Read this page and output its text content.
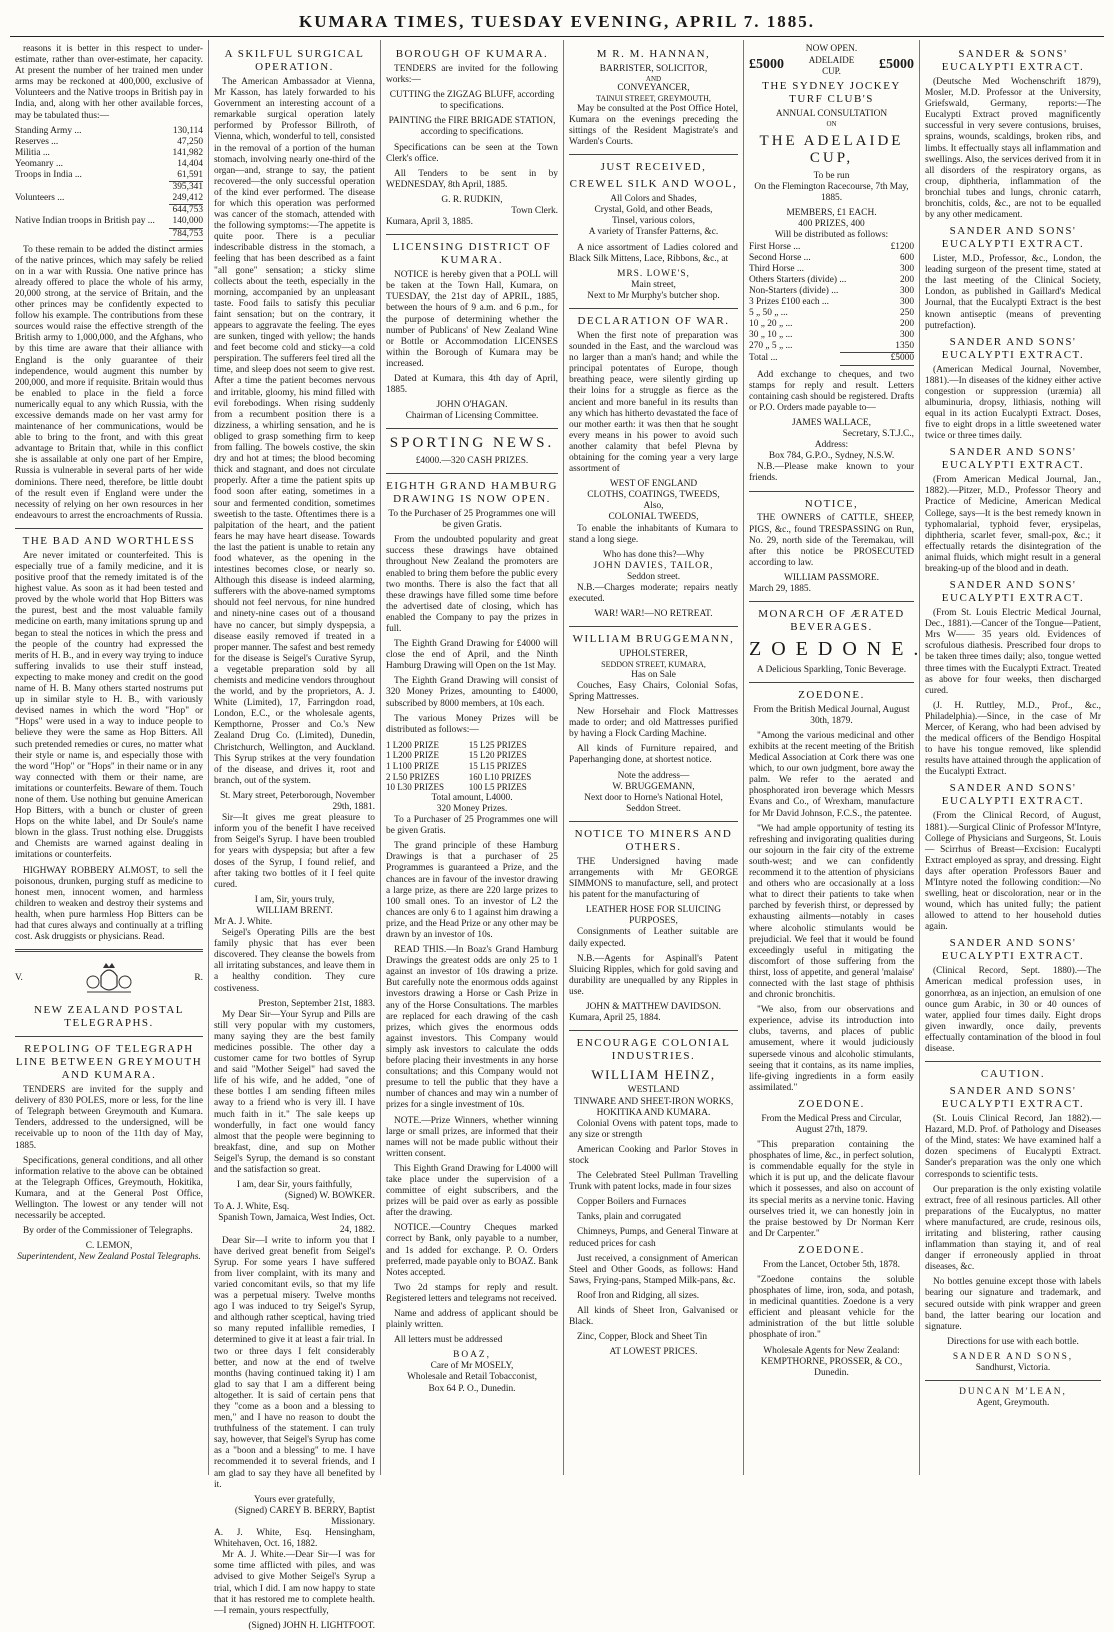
KUMARA TIMES, TUESDAY EVENING, APRIL 7. 1885.

reasons it is better in this respect to under-estimate, rather than over-estimate, her capacity. At present the number of her trained men under arms may be reckoned at 400,000, exclusive of Volunteers and the Native troops in British pay in India, and, along with her other available forces, may be tabulated thus:—

Standing Army ...	130,114
Reserves ...	47,250
Militia ...	141,982
Yeomanry ...	14,404
Troops in India ...	61,591
	395,341
Volunteers ...	249,412
	644,753
Native Indian troops in British pay ...	140,000
	784,753

To these remain to be added the distinct armies of the native princes, which may safely be relied on in a war with Russia. One native prince has already offered to place the whole of his army, 20,000 strong, at the service of Britain, and the other princes may be confidently expected to follow his example. The contributions from these sources would raise the effective strength of the British army to 1,000,000, and the Afghans, who by this time are aware that their alliance with England is the only guarantee of their independence, would augment this number by 200,000, and more if requisite. Britain would thus be enabled to place in the field a force numerically equal to any which Russia, with the excessive demands made on her vast army for maintenance of her communications, would be able to bring to the front, and with this great advantage to Britain that, while in this conflict she is assailable at only one part of her Empire, Russia is vulnerable in several parts of her wide dominions. There need, therefore, be little doubt of the result even if England were under the necessity of relying on her own resources in her endeavours to arrest the encroachments of Russia.

THE BAD AND WORTHLESS

Are never imitated or counterfeited. This is especially true of a family medicine, and it is positive proof that the remedy imitated is of the highest value. As soon as it had been tested and proved by the whole world that Hop Bitters was the purest, best and the most valuable family medicine on earth, many imitations sprung up and began to steal the notices in which the press and the people of the country had expressed the merits of H. B., and in every way trying to induce suffering invalids to use their stuff instead, expecting to make money and credit on the good name of H. B. Many others started nostrums put up in similar style to H. B., with variously devised names in which the word "Hop" or "Hops" were used in a way to induce people to believe they were the same as Hop Bitters. All such pretended remedies or cures, no matter what their style or name is, and especially those with the word "Hop" or "Hops" in their name or in any way connected with them or their name, are imitations or counterfeits. Beware of them. Touch none of them. Use nothing but genuine American Hop Bitters, with a bunch or cluster of green Hops on the white label, and Dr Soule's name blown in the glass. Trust nothing else. Druggists and Chemists are warned against dealing in imitations or counterfeits.

HIGHWAY ROBBERY ALMOST, to sell the poisonous, drunken, purging stuff as medicine to honest men, innocent women, and harmless children to weaken and destroy their systems and health, when pure harmless Hop Bitters can be had that cures always and continually at a trifling cost. Ask druggists or physicians. Read.

V.	R.
NEW ZEALAND POSTAL TELEGRAPHS.
REPOLING OF TELEGRAPH LINE BETWEEN GREYMOUTH AND KUMARA.

TENDERS are invited for the supply and delivery of 830 POLES, more or less, for the line of Telegraph between Greymouth and Kumara. Tenders, addressed to the undersigned, will be receivable up to noon of the 11th day of May, 1885.

Specifications, general conditions, and all other information relative to the above can be obtained at the Telegraph Offices, Greymouth, Hokitika, Kumara, and at the General Post Office, Wellington. The lowest or any tender will not necessarily be accepted.

By order of the Commissioner of Telegraphs.

C. LEMON,
Superintendent, New Zealand Postal Telegraphs.
A SKILFUL SURGICAL OPERATION.

The American Ambassador at Vienna, Mr Kasson, has lately forwarded to his Government an interesting account of a remarkable surgical operation lately performed by Professor Billroth, of Vienna, which, wonderful to tell, consisted in the removal of a portion of the human stomach, involving nearly one-third of the organ—and, strange to say, the patient recovered—the only successful operation of the kind ever performed. The disease for which this operation was performed was cancer of the stomach, attended with the following symptoms:—The appetite is quite poor. There is a peculiar indescribable distress in the stomach, a feeling that has been described as a faint "all gone" sensation; a sticky slime collects about the teeth, especially in the morning, accompanied by an unpleasant taste. Food fails to satisfy this peculiar faint sensation; but on the contrary, it appears to aggravate the feeling. The eyes are sunken, tinged with yellow; the hands and feet become cold and sticky—a cold perspiration. The sufferers feel tired all the time, and sleep does not seem to give rest. After a time the patient becomes nervous and irritable, gloomy, his mind filled with evil forebodings. When rising suddenly from a recumbent position there is a dizziness, a whirling sensation, and he is obliged to grasp something firm to keep from falling. The bowels costive, the skin dry and hot at times; the blood becoming thick and stagnant, and does not circulate properly. After a time the patient spits up food soon after eating, sometimes in a sour and fermented condition, sometimes sweetish to the taste. Oftentimes there is a palpitation of the heart, and the patient fears he may have heart disease. Towards the last the patient is unable to retain any food whatever, as the opening in the intestines becomes close, or nearly so. Although this disease is indeed alarming, sufferers with the above-named symptoms should not feel nervous, for nine hundred and ninety-nine cases out of a thousand have no cancer, but simply dyspepsia, a disease easily removed if treated in a proper manner. The safest and best remedy for the disease is Seigel's Curative Syrup, a vegetable preparation sold by all chemists and medicine vendors throughout the world, and by the proprietors, A. J. White (Limited), 17, Farringdon road, London, E.C., or the wholesale agents, Kempthorne, Prosser and Co.'s New Zealand Drug Co. (Limited), Dunedin, Christchurch, Wellington, and Auckland. This Syrup strikes at the very foundation of the disease, and drives it, root and branch, out of the system.

St. Mary street, Peterborough, November 29th, 1881.

Sir—It gives me great pleasure to inform you of the benefit I have received from Seigel's Syrup. I have been troubled for years with dyspepsia; but after a few doses of the Syrup, I found relief, and after taking two bottles of it I feel quite cured.

I am, Sir, yours truly,
WILLIAM BRENT.
Mr A. J. White.

Seigel's Operating Pills are the best family physic that has ever been discovered. They cleanse the bowels from all irritating substances, and leave them in a healthy condition. They cure costiveness.

Preston, September 21st, 1883.

My Dear Sir—Your Syrup and Pills are still very popular with my customers, many saying they are the best family medicines possible. The other day a customer came for two bottles of Syrup and said "Mother Seigel" had saved the life of his wife, and he added, "one of these bottles I am sending fifteen miles away to a friend who is very ill. I have much faith in it." The sale keeps up wonderfully, in fact one would fancy almost that the people were beginning to breakfast, dine, and sup on Mother Seigel's Syrup, the demand is so constant and the satisfaction so great.

I am, dear Sir, yours faithfully,
(Signed) W. BOWKER.
To A. J. White, Esq.
Spanish Town, Jamaica, West Indies, Oct. 24, 1882.

Dear Sir—I write to inform you that I have derived great benefit from Seigel's Syrup. For some years I have suffered from liver complaint, with its many and varied concomitant evils, so that my life was a perpetual misery. Twelve months ago I was induced to try Seigel's Syrup, and although rather sceptical, having tried so many reputed infallible remedies, I determined to give it at least a fair trial. In two or three days I felt considerably better, and now at the end of twelve months (having continued taking it) I am glad to say that I am a different being altogether. It is said of certain pens that they "come as a boon and a blessing to men," and I have no reason to doubt the truthfulness of the statement. I can truly say, however, that Seigel's Syrup has come as a "boon and a blessing" to me. I have recommended it to several friends, and I am glad to say they have all benefited by it.

Yours ever gratefully,
(Signed) CAREY B. BERRY, Baptist Missionary.
A. J. White, Esq. Hensingham, Whitehaven, Oct. 16, 1882.

Mr A. J. White.—Dear Sir—I was for some time afflicted with piles, and was advised to give Mother Seigel's Syrup a trial, which I did. I am now happy to state that it has restored me to complete health.—I remain, yours respectfully,

(Signed) JOHN H. LIGHTFOOT.
BOROUGH OF KUMARA.

TENDERS are invited for the following works:—

CUTTING the ZIGZAG BLUFF, according to specifications.

PAINTING the FIRE BRIGADE STATION, according to specifications.

Specifications can be seen at the Town Clerk's office.

All Tenders to be sent in by WEDNESDAY, 8th April, 1885.

G. R. RUDKIN,
Town Clerk.
Kumara, April 3, 1885.
LICENSING DISTRICT OF KUMARA.

NOTICE is hereby given that a POLL will be taken at the Town Hall, Kumara, on TUESDAY, the 21st day of APRIL, 1885, between the hours of 9 a.m. and 6 p.m., for the purpose of determining whether the number of Publicans' of New Zealand Wine or Bottle or Accommodation LICENSES within the Borough of Kumara may be increased.

Dated at Kumara, this 4th day of April, 1885.

JOHN O'HAGAN.
Chairman of Licensing Committee.
SPORTING NEWS.
£4000.—320 CASH PRIZES.
EIGHTH GRAND HAMBURG DRAWING IS NOW OPEN.

To the Purchaser of 25 Programmes one will be given Gratis.

From the undoubted popularity and great success these drawings have obtained throughout New Zealand the promoters are enabled to bring them before the public every two months. There is also the fact that all these drawings have filled some time before the advertised date of closing, which has enabled the Company to pay the prizes in full.

The Eighth Grand Drawing for £4000 will close the end of April, and the Ninth Hamburg Drawing will Open on the 1st May.

The Eighth Grand Drawing will consist of 320 Money Prizes, amounting to £4000, subscribed by 8000 members, at 10s each.

The various Money Prizes will be distributed as follows:—

1 L200 PRIZE	15 L25 PRIZES
1 L200 PRIZE	15 L20 PRIZES
1 L100 PRIZE	15 L15 PRIZES
2 L50 PRIZES	160 L10 PRIZES
10 L30 PRIZES	100 L5 PRIZES
Total amount, L4000.
320 Money Prizes.

To a Purchaser of 25 Programmes one will be given Gratis.

The grand principle of these Hamburg Drawings is that a purchaser of 25 Programmes is guaranteed a Prize, and the chances are in favour of the investor drawing a large prize, as there are 220 large prizes to 100 small ones. To an investor of L2 the chances are only 6 to 1 against him drawing a prize, and the Head Prize or any other may be drawn by an investor of 10s.

READ THIS.—In Boaz's Grand Hamburg Drawings the greatest odds are only 25 to 1 against an investor of 10s drawing a prize. But carefully note the enormous odds against investors drawing a Horse or Cash Prize in any of the Horse Consultations. The marbles are replaced for each drawing of the cash prizes, which gives the enormous odds against investors. This Company would simply ask investors to calculate the odds before placing their investments in any horse consultations; and this Company would not presume to tell the public that they have a number of chances and may win a number of prizes for a single investment of 10s.

NOTE.—Prize Winners, whether winning large or small prizes, are informed that their names will not be made public without their written consent.

This Eighth Grand Drawing for L4000 will take place under the supervision of a committee of eight subscribers, and the prizes will be paid over as early as possible after the drawing.

NOTICE.—Country Cheques marked correct by Bank, only payable to a number, and 1s added for exchange. P. O. Orders preferred, made payable only to BOAZ. Bank Notes accepted.

Two 2d stamps for reply and result. Registered letters and telegrams not received.

Name and address of applicant should be plainly written.

All letters must be addressed

BOAZ,
Care of Mr MOSELY,
Wholesale and Retail Tobacconist,
Box 64 P. O., Dunedin.
M R. M. HANNAN,
BARRISTER, SOLICITOR,
AND
CONVEYANCER,
TAINUI STREET, GREYMOUTH,

May be consulted at the Post Office Hotel, Kumara on the evenings preceding the sittings of the Resident Magistrate's and Warden's Courts.

JUST RECEIVED,
CREWEL SILK AND WOOL,
All Colors and Shades,
Crystal, Gold, and other Beads,
Tinsel, various colors,
A variety of Transfer Patterns, &c.

A nice assortment of Ladies colored and Black Silk Mittens, Lace, Ribbons, &c., at

MRS. LOWE'S,
Main street,
Next to Mr Murphy's butcher shop.
DECLARATION OF WAR.

When the first note of preparation was sounded in the East, and the warcloud was no larger than a man's hand; and while the principal potentates of Europe, though breathing peace, were silently girding up their loins for a struggle as fierce as the ancient and more baneful in its results than any which has hitherto devastated the face of our mother earth: it was then that he sought every means in his power to avoid such another calamity that befel Plevna by obtaining for the coming year a very large assortment of

WEST OF ENGLAND
CLOTHS, COATINGS, TWEEDS,
Also,
COLONIAL TWEEDS,

To enable the inhabitants of Kumara to stand a long siege.

Who has done this?—Why
JOHN DAVIES, TAILOR,
Seddon street.

N.B.—Charges moderate; repairs neatly executed.

WAR! WAR!—NO RETREAT.
WILLIAM BRUGGEMANN,
UPHOLSTERER,
SEDDON STREET, KUMARA,
Has on Sale

Couches, Easy Chairs, Colonial Sofas, Spring Mattresses.

New Horsehair and Flock Mattresses made to order; and old Mattresses purified by having a Flock Carding Machine.

All kinds of Furniture repaired, and Paperhanging done, at shortest notice.

Note the address—
W. BRUGGEMANN,
Next door to Horne's National Hotel, Seddon Street.
NOTICE TO MINERS AND OTHERS.

THE Undersigned having made arrangements with Mr GEORGE SIMMONS to manufacture, sell, and protect his patent for the manufacturing of

LEATHER HOSE FOR SLUICING PURPOSES,

Consignments of Leather suitable are daily expected.

N.B.—Agents for Aspinall's Patent Sluicing Ripples, which for gold saving and durability are unequalled by any Ripples in use.

JOHN & MATTHEW DAVIDSON.
Kumara, April 25, 1884.
ENCOURAGE COLONIAL INDUSTRIES.
WILLIAM HEINZ,
WESTLAND
TINWARE AND SHEET-IRON WORKS,
HOKITIKA AND KUMARA.

Colonial Ovens with patent tops, made to any size or strength

American Cooking and Parlor Stoves in stock

The Celebrated Steel Pullman Travelling Trunk with patent locks, made in four sizes

Copper Boilers and Furnaces

Tanks, plain and corrugated

Chimneys, Pumps, and General Tinware at reduced prices for cash

Just received, a consignment of American Steel and Other Goods, as follows: Hand Saws, Frying-pans, Stamped Milk-pans, &c.

Roof Iron and Ridging, all sizes.

All kinds of Sheet Iron, Galvanised or Black.

Zinc, Copper, Block and Sheet Tin

AT LOWEST PRICES.
NOW OPEN.
£5000	ADELAIDE
CUP.	£5000
THE SYDNEY JOCKEY TURF CLUB'S
ANNUAL CONSULTATION
ON
THE ADELAIDE CUP,
To be run

On the Flemington Racecourse, 7th May, 1885.

MEMBERS, £1 EACH.
400 PRIZES, 400
Will be distributed as follows:
First Horse ...	£1200
Second Horse ...	600
Third Horse ...	300
Others Starters (divide) ...	200
Non-Starters (divide) ...	300
3 Prizes £100 each ...	300
5 „ 50 „ ...	250
10 „ 20 „ ...	200
30 „ 10 „ ...	300
270 „ 5 „ ...	1350
Total ...	£5000

Add exchange to cheques, and two stamps for reply and result. Letters containing cash should be registered. Drafts or P.O. Orders made payable to—

JAMES WALLACE,
Secretary, S.T.J.C.,
Address:
Box 784, G.P.O., Sydney, N.S.W.

N.B.—Please make known to your friends.

NOTICE,

THE OWNERS of CATTLE, SHEEP, PIGS, &c., found TRESPASSING on Run, No. 29, north side of the Teremakau, will after this notice be PROSECUTED according to law.

WILLIAM PASSMORE.
March 29, 1885.
MONARCH OF ÆRATED BEVERAGES.
ZOEDONE.
A Delicious Sparkling, Tonic Beverage.
ZOEDONE.

From the British Medical Journal, August 30th, 1879.

"Among the various medicinal and other exhibits at the recent meeting of the British Medical Association at Cork there was one which, to our own judgment, bore away the palm. We refer to the aerated and phosphorated iron beverage which Messrs Evans and Co., of Wrexham, manufacture for Mr David Johnson, F.C.S., the patentee.

"We had ample opportunity of testing its refreshing and invigorating qualities during our sojourn in the fair city of the extreme south-west; and we can confidently recommend it to the attention of physicians and others who are occasionally at a loss what to direct their patients to take when parched by feverish thirst, or depressed by exhausting ailments—notably in cases where alcoholic stimulants would be prejudicial. We feel that it would be found exceedingly useful in mitigating the discomfort of those suffering from the thirst, loss of appetite, and general 'malaise' connected with the last stage of phthisis and chronic bronchitis.

"We also, from our observations and experience, advise its introduction into clubs, taverns, and places of public amusement, where it would judiciously supersede vinous and alcoholic stimulants, seeing that it contains, as its name implies, life-giving ingredients in a form easily assimilated."

ZOEDONE.

From the Medical Press and Circular, August 27th, 1879.

"This preparation containing the phosphates of lime, &c., in perfect solution, is commendable equally for the style in which it is put up, and the delicate flavour which it possesses, and also on account of its special merits as a nervine tonic. Having ourselves tried it, we can honestly join in the praise bestowed by Dr Norman Kerr and Dr Carpenter."

ZOEDONE.

From the Lancet, October 5th, 1878.

"Zoedone contains the soluble phosphates of lime, iron, soda, and potash, in medicinal quantities. Zoedone is a very efficient and pleasant vehicle for the administration of the but little soluble phosphate of iron."

Wholesale Agents for New Zealand:
KEMPTHORNE, PROSSER, & CO.,
Dunedin.
SANDER & SONS' EUCALYPTI EXTRACT.

(Deutsche Med Wochenschrift 1879), Mosler, M.D. Professor at the University, Griefswald, Germany, reports:—The Eucalypti Extract proved magnificently successful in very severe contusions, bruises, sprains, wounds, scaldings, broken ribs, and limbs. It effectually stays all inflammation and swellings. Also, the services derived from it in all disorders of the respiratory organs, as croup, diphtheria, inflammation of the bronchial tubes and lungs, chronic catarrh, bronchitis, colds, &c., are not to be equalled by any other medicament.

SANDER AND SONS' EUCALYPTI EXTRACT.

Lister, M.D., Professor, &c., London, the leading surgeon of the present time, stated at the last meeting of the Clinical Society, London, as published in Gaillard's Medical Journal, that the Eucalypti Extract is the best known antiseptic (means of preventing putrefaction).

SANDER AND SONS' EUCALYPTI EXTRACT.

(American Medical Journal, November, 1881).—In diseases of the kidney either active congestion or suppression (uræmia) all albuminuria, dropsy, lithiasis, nothing will equal in its action Eucalypti Extract. Doses, five to eight drops in a little sweetened water twice or three times daily.

SANDER AND SONS' EUCALYPTI EXTRACT.

(From American Medical Journal, Jan., 1882).—Pitzer, M.D., Professor Theory and Practice of Medicine, American Medical College, says—It is the best remedy known in typhomalarial, typhoid fever, erysipelas, diphtheria, scarlet fever, small-pox, &c.; it effectually retards the disintegration of the animal fluids, which might result in a general breaking-up of the blood and in death.

SANDER AND SONS' EUCALYPTI EXTRACT.

(From St. Louis Electric Medical Journal, Dec., 1881).—Cancer of the Tongue—Patient, Mrs W—— 35 years old. Evidences of scrofulous diathesis. Prescribed four drops to be taken three times daily; also, tongue wetted three times with the Eucalypti Extract. Treated as above for four weeks, then discharged cured.

(J. H. Ruttley, M.D., Prof., &c., Philadelphia).—Since, in the case of Mr Mercer, of Kerang, who had been advised by the medical officers of the Bendigo Hospital to have his tongue removed, like splendid results have attained through the application of the Eucalypti Extract.

SANDER AND SONS' EUCALYPTI EXTRACT.

(From the Clinical Record, of August, 1881).—Surgical Clinic of Professor M'Intyre, College of Physicians and Surgeons, St. Louis — Scirrhus of Breast—Excision: Eucalypti Extract employed as spray, and dressing. Eight days after operation Professors Bauer and M'Intyre noted the following condition:—No swelling, heat or discoloration, near or in the wound, which has united fully; the patient allowed to attend to her household duties again.

SANDER AND SONS' EUCALYPTI EXTRACT.

(Clinical Record, Sept. 1880).—The American medical profession uses, in gonorrhœa, as an injection, an emulsion of one ounce gum Arabic, in 30 or 40 ounces of water, applied four times daily. Eight drops given inwardly, once daily, prevents effectually contamination of the blood in foul disease.

CAUTION.
SANDER AND SONS' EUCALYPTI EXTRACT.

(St. Louis Clinical Record, Jan 1882).—Hazard, M.D. Prof. of Pathology and Diseases of the Mind, states: We have examined half a dozen specimens of Eucalypti Extract. Sander's preparation was the only one which corresponds to scientific tests.

Our preparation is the only existing volatile extract, free of all resinous particles. All other preparations of the Eucalyptus, no matter where manufactured, are crude, resinous oils, irritating and blistering, rather causing inflammation than staying it, and of real danger if erroneously applied in throat diseases, &c.

No bottles genuine except those with labels bearing our signature and trademark, and secured outside with pink wrapper and green band, the latter bearing our location and signature.

Directions for use with each bottle.

SANDER AND SONS,
Sandhurst, Victoria.
DUNCAN M'LEAN,
Agent, Greymouth.
